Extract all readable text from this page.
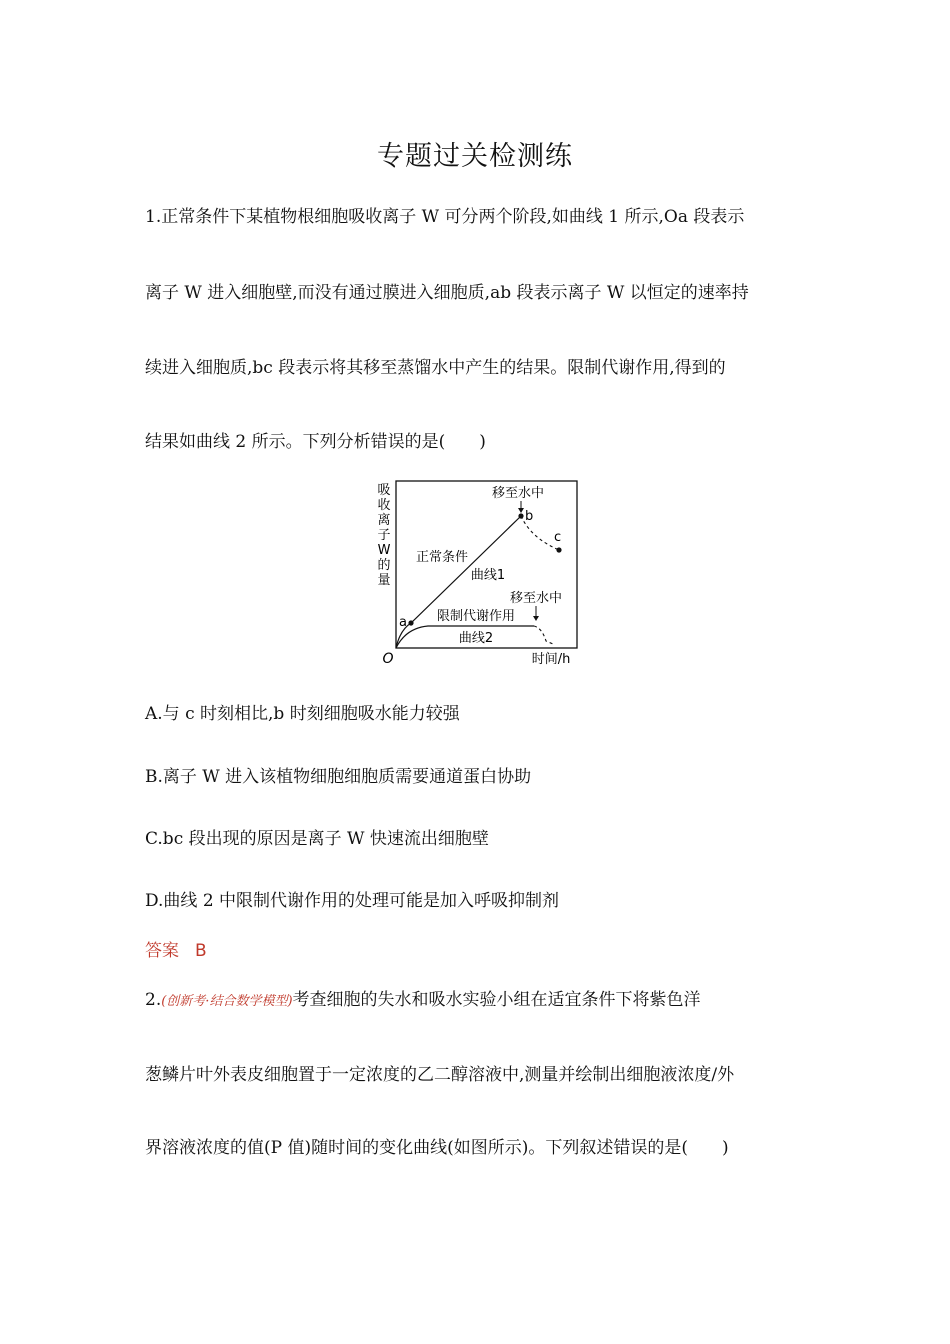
专题过关检测练
1.正常条件下某植物根细胞吸收离子 W 可分两个阶段,如曲线 1 所示,Oa 段表示
离子 W 进入细胞壁,而没有通过膜进入细胞质,ab 段表示离子 W 以恒定的速率持
续进入细胞质,bc 段表示将其移至蒸馏水中产生的结果。限制代谢作用,得到的
结果如曲线 2 所示。下列分析错误的是(　　)
吸
收
离
子
W
的
量
O	时间/h
a
b
c
移至水中
正常条件
曲线1
移至水中
限制代谢作用
曲线2
A.与 c 时刻相比,b 时刻细胞吸水能力较强
B.离子 W 进入该植物细胞细胞质需要通道蛋白协助
C.bc 段出现的原因是离子 W 快速流出细胞壁
D.曲线 2 中限制代谢作用的处理可能是加入呼吸抑制剂
答案 B
2.(创新考·结合数学模型)考查细胞的失水和吸水实验小组在适宜条件下将紫色洋
葱鳞片叶外表皮细胞置于一定浓度的乙二醇溶液中,测量并绘制出细胞液浓度/外
界溶液浓度的值(P 值)随时间的变化曲线(如图所示)。下列叙述错误的是(　　)
